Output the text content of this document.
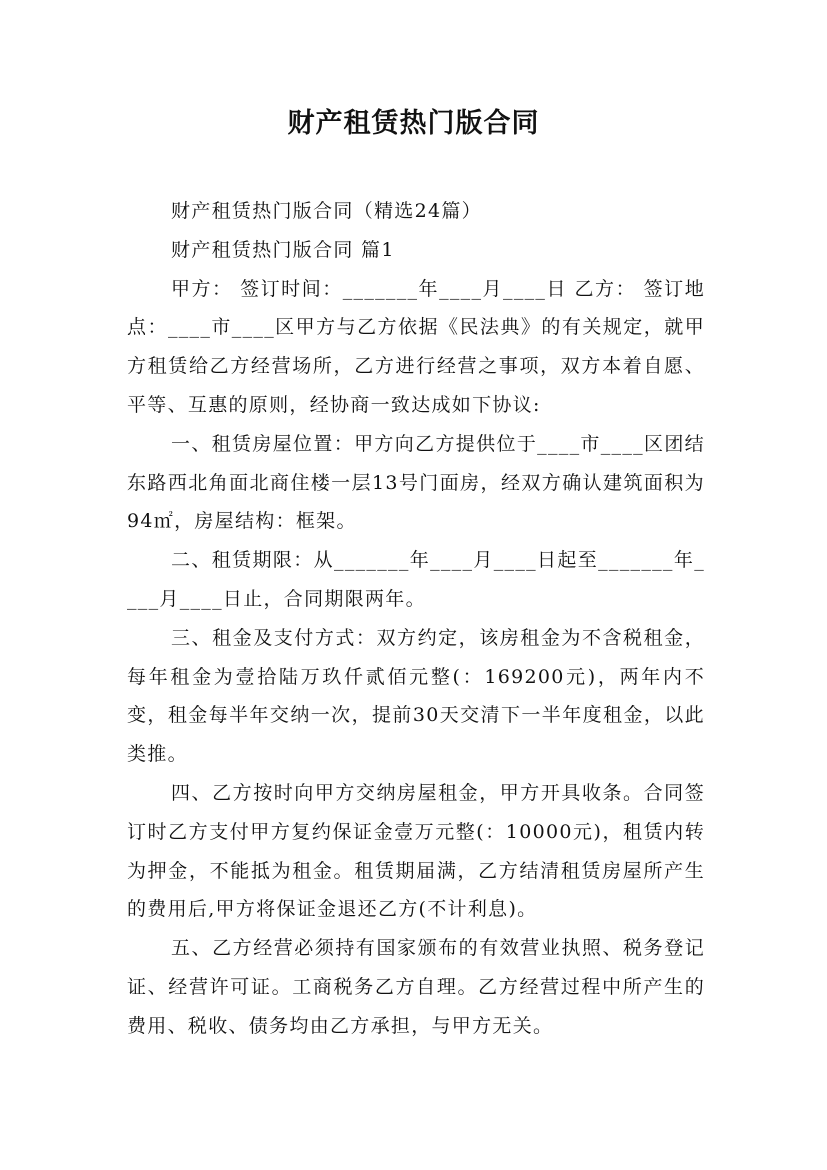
财产租赁热门版合同

财产租赁热门版合同（精选24篇）

财产租赁热门版合同 篇1

甲方： 签订时间：_______年____月____日 乙方： 签订地点：____市____区甲方与乙方依据《民法典》的有关规定，就甲方租赁给乙方经营场所，乙方进行经营之事项，双方本着自愿、平等、互惠的原则，经协商一致达成如下协议:

一、租赁房屋位置：甲方向乙方提供位于____市____区团结东路西北角面北商住楼一层13号门面房，经双方确认建筑面积为94㎡，房屋结构：框架。

二、租赁期限：从_______年____月____日起至_______年____月____日止，合同期限两年。

三、租金及支付方式：双方约定，该房租金为不含税租金，每年租金为壹拾陆万玖仟贰佰元整(：169200元)，两年内不变，租金每半年交纳一次，提前30天交清下一半年度租金，以此类推。

四、乙方按时向甲方交纳房屋租金，甲方开具收条。合同签订时乙方支付甲方复约保证金壹万元整(：10000元)，租赁内转为押金，不能抵为租金。租赁期届满，乙方结清租赁房屋所产生的费用后,甲方将保证金退还乙方(不计利息)。

五、乙方经营必须持有国家颁布的有效营业执照、税务登记证、经营许可证。工商税务乙方自理。乙方经营过程中所产生的费用、税收、债务均由乙方承担，与甲方无关。
